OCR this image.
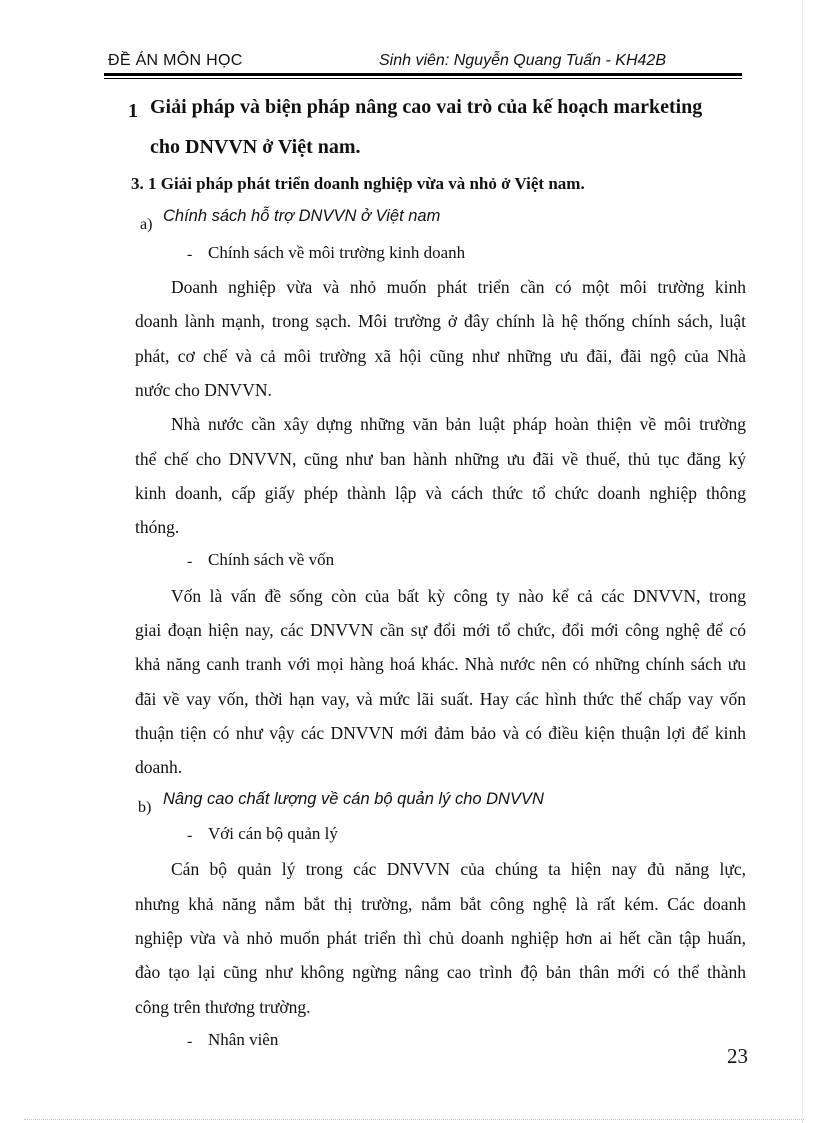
ĐỀ ÁN MÔN HỌC	Sinh viên: Nguyễn Quang Tuấn - KH42B
1 Giải pháp và biện pháp nâng cao vai trò của kế hoạch marketing
cho DNVVN ở Việt nam.
3. 1 Giải pháp phát triển doanh nghiệp vừa và nhỏ ở Việt nam.
a) Chính sách hỗ trợ DNVVN ở Việt nam
- Chính sách về môi trường kinh doanh
Doanh nghiệp vừa và nhỏ muốn phát triển cần có một môi trường kinh
doanh lành mạnh, trong sạch. Môi trường ở đây chính là hệ thống chính sách, luật
phát, cơ chế và cả môi trường xã hội cũng như những ưu đãi, đãi ngộ của Nhà
nước cho DNVVN.
Nhà nước cần xây dựng những văn bản luật pháp hoàn thiện về môi trường
thể chế cho DNVVN, cũng như ban hành những ưu đãi về thuế, thủ tục đăng ký
kinh doanh, cấp giấy phép thành lập và cách thức tổ chức doanh nghiệp thông
thóng.
- Chính sách về vốn
Vốn là vấn đề sống còn của bất kỳ công ty nào kể cả các DNVVN, trong
giai đoạn hiện nay, các DNVVN cần sự đổi mới tổ chức, đổi mới công nghệ để có
khả năng canh tranh với mọi hàng hoá khác. Nhà nước nên có những chính sách ưu
đãi về vay vốn, thời hạn vay, và mức lãi suất. Hay các hình thức thế chấp vay vốn
thuận tiện có như vậy các DNVVN mới đảm bảo và có điều kiện thuận lợi để kinh
doanh.
b) Nâng cao chất lượng về cán bộ quản lý cho DNVVN
- Với cán bộ quản lý
Cán bộ quản lý trong các DNVVN của chúng ta hiện nay đủ năng lực,
nhưng khả năng nắm bắt thị trường, nắm bắt công nghệ là rất kém. Các doanh
nghiệp vừa và nhỏ muốn phát triển thì chủ doanh nghiệp hơn ai hết cần tập huấn,
đào tạo lại cũng như không ngừng nâng cao trình độ bản thân mới có thể thành
công trên thương trường.
- Nhân viên
23
